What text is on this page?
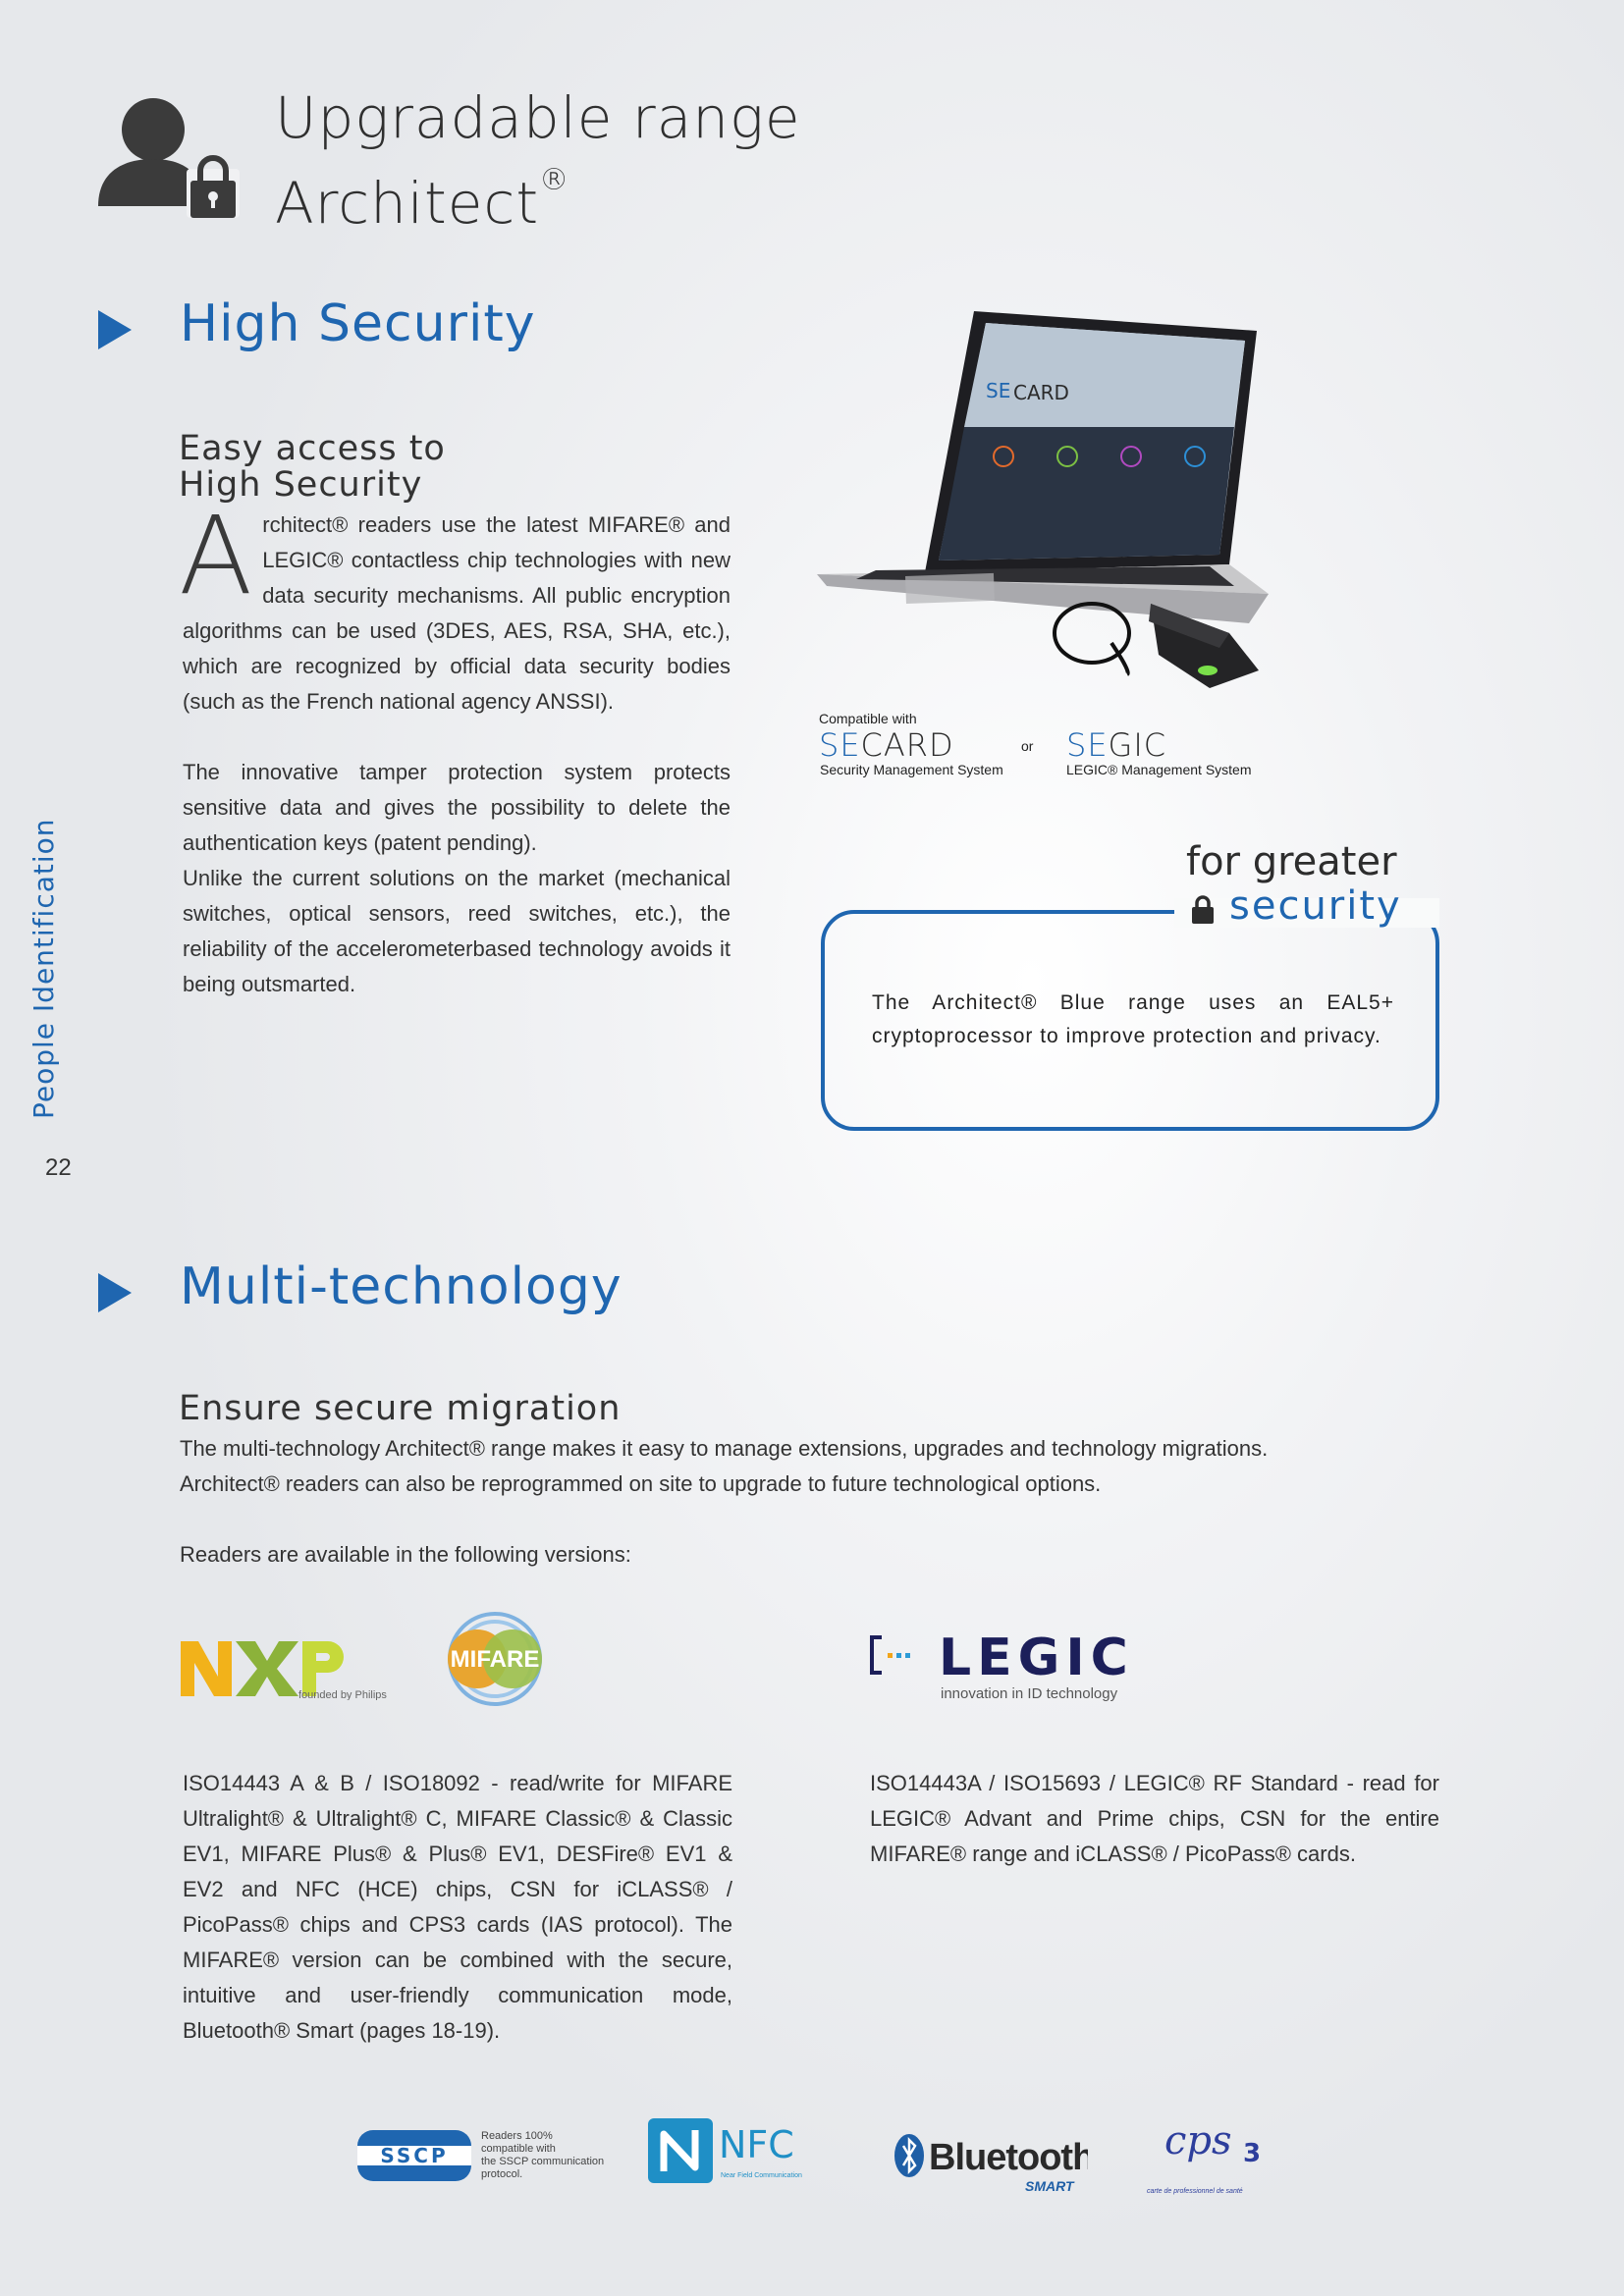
Upgradable range
Architect®
People Identification
22
High Security
Easy access to
High Security
A rchitect® readers use the latest MIFARE® and LEGIC® contactless chip technologies with new data security mechanisms. All public encryption algorithms can be used (3DES, AES, RSA, SHA, etc.), which are recognized by official data security bodies (such as the French national agency ANSSI).
The innovative tamper protection system protects sensitive data and gives the possibility to delete the authentication keys (patent pending).
Unlike the current solutions on the market (mechanical switches, optical sensors, reed switches, etc.), the reliability of the accelerometerbased technology avoids it being outsmarted.
SE CARD
Compatible with
SECARD
Security Management System
or SEGIC
LEGIC® Management System
for greater
security
The Architect® Blue range uses an EAL5+ cryptoprocessor to improve protection and privacy.
Multi-technology
Ensure secure migration
The multi-technology Architect® range makes it easy to manage extensions, upgrades and technology migrations.
Architect® readers can also be reprogrammed on site to upgrade to future technological options.
Readers are available in the following versions:
founded by Philips
MIFARE	LEGIC
innovation in ID technology
ISO14443 A & B / ISO18092 - read/write for MIFARE Ultralight® & Ultralight® C, MIFARE Classic® & Classic EV1, MIFARE Plus® & Plus® EV1, DESFire® EV1 & EV2 and NFC (HCE) chips, CSN for iCLASS® / PicoPass® chips and CPS3 cards (IAS protocol). The MIFARE® version can be combined with the secure, intuitive and user-friendly communication mode, Bluetooth® Smart (pages 18-19).
ISO14443A / ISO15693 / LEGIC® RF Standard - read for LEGIC® Advant and Prime chips, CSN for the entire MIFARE® range and iCLASS® / PicoPass® cards.
SSCP
Readers 100%
compatible with
the SSCP communication
protocol.
NFC
Near Field Communication	Bluetooth
SMART
cps 3
carte de professionnel de santé
